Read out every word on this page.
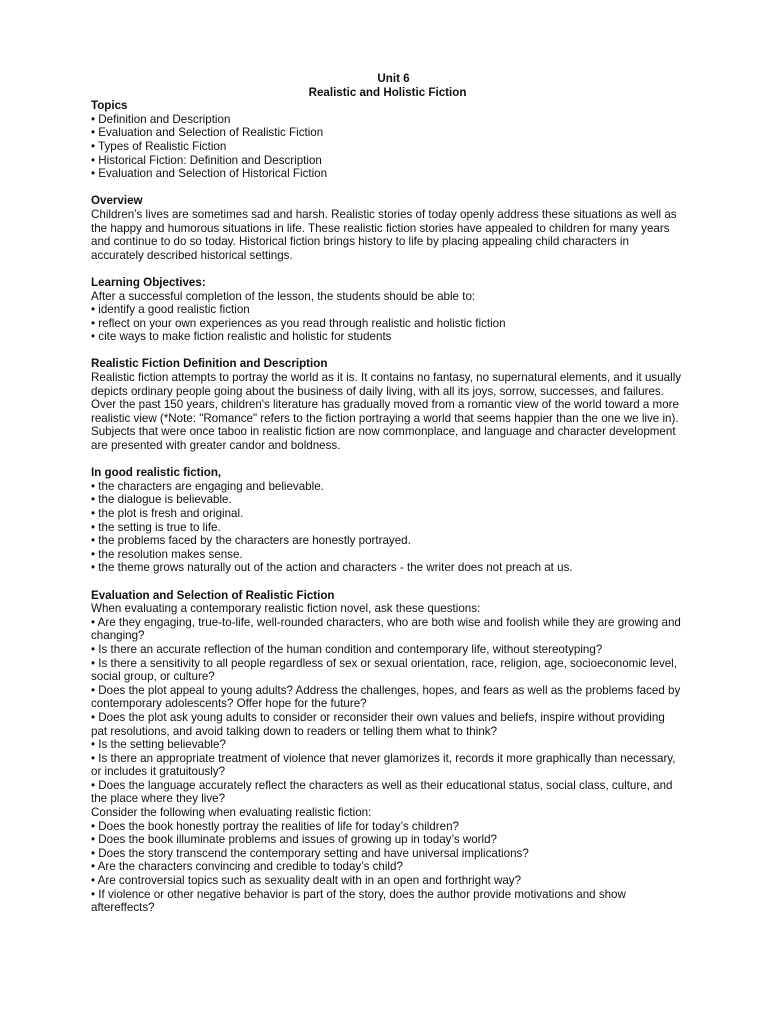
Unit 6
Realistic and Holistic Fiction
Topics
• Definition and Description
• Evaluation and Selection of Realistic Fiction
• Types of Realistic Fiction
• Historical Fiction: Definition and Description
• Evaluation and Selection of Historical Fiction
Overview
Children’s lives are sometimes sad and harsh. Realistic stories of today openly address these situations as well as the happy and humorous situations in life. These realistic fiction stories have appealed to children for many years and continue to do so today. Historical fiction brings history to life by placing appealing child characters in accurately described historical settings.
Learning Objectives:
After a successful completion of the lesson, the students should be able to:
• identify a good realistic fiction
• reflect on your own experiences as you read through realistic and holistic fiction
• cite ways to make fiction realistic and holistic for students
Realistic Fiction Definition and Description
Realistic fiction attempts to portray the world as it is. It contains no fantasy, no supernatural elements, and it usually depicts ordinary people going about the business of daily living, with all its joys, sorrow, successes, and failures.
Over the past 150 years, children's literature has gradually moved from a romantic view of the world toward a more realistic view (*Note: "Romance" refers to the fiction portraying a world that seems happier than the one we live in). Subjects that were once taboo in realistic fiction are now commonplace, and language and character development are presented with greater candor and boldness.
In good realistic fiction,
• the characters are engaging and believable.
• the dialogue is believable.
• the plot is fresh and original.
• the setting is true to life.
• the problems faced by the characters are honestly portrayed.
• the resolution makes sense.
• the theme grows naturally out of the action and characters - the writer does not preach at us.
Evaluation and Selection of Realistic Fiction
When evaluating a contemporary realistic fiction novel, ask these questions:
• Are they engaging, true-to-life, well-rounded characters, who are both wise and foolish while they are growing and changing?
• Is there an accurate reflection of the human condition and contemporary life, without stereotyping?
• Is there a sensitivity to all people regardless of sex or sexual orientation, race, religion, age, socioeconomic level, social group, or culture?
• Does the plot appeal to young adults? Address the challenges, hopes, and fears as well as the problems faced by contemporary adolescents? Offer hope for the future?
• Does the plot ask young adults to consider or reconsider their own values and beliefs, inspire without providing pat resolutions, and avoid talking down to readers or telling them what to think?
• Is the setting believable?
• Is there an appropriate treatment of violence that never glamorizes it, records it more graphically than necessary, or includes it gratuitously?
• Does the language accurately reflect the characters as well as their educational status, social class, culture, and the place where they live?
Consider the following when evaluating realistic fiction:
• Does the book honestly portray the realities of life for today’s children?
• Does the book illuminate problems and issues of growing up in today’s world?
• Does the story transcend the contemporary setting and have universal implications?
• Are the characters convincing and credible to today’s child?
• Are controversial topics such as sexuality dealt with in an open and forthright way?
• If violence or other negative behavior is part of the story, does the author provide motivations and show aftereffects?
